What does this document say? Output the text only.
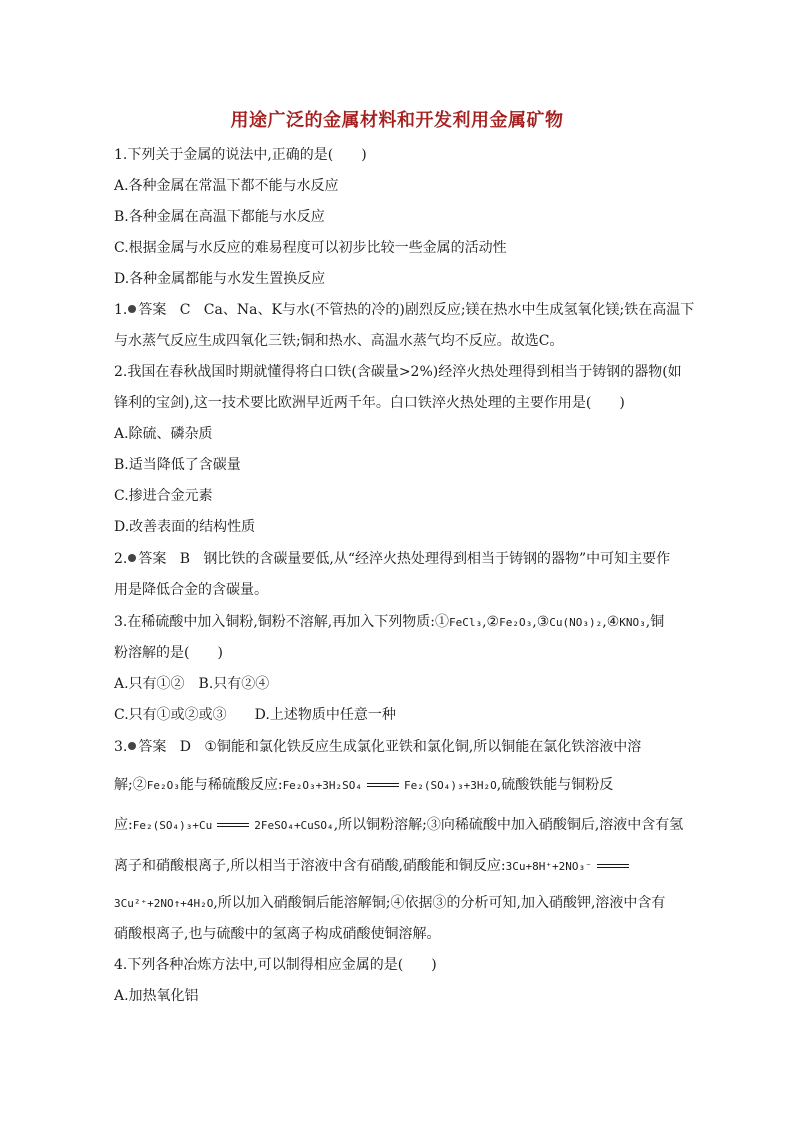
用途广泛的金属材料和开发利用金属矿物
1.下列关于金属的说法中,正确的是(　　)
A.各种金属在常温下都不能与水反应
B.各种金属在高温下都能与水反应
C.根据金属与水反应的难易程度可以初步比较一些金属的活动性
D.各种金属都能与水发生置换反应
1. 答案 C Ca、Na、K与水(不管热的冷的)剧烈反应;镁在热水中生成氢氧化镁;铁在高温下
与水蒸气反应生成四氧化三铁;铜和热水、高温水蒸气均不反应。故选C。
2.我国在春秋战国时期就懂得将白口铁(含碳量>2%)经淬火热处理得到相当于铸钢的器物(如
锋利的宝剑),这一技术要比欧洲早近两千年。白口铁淬火热处理的主要作用是(　　)
A.除硫、磷杂质
B.适当降低了含碳量
C.掺进合金元素
D.改善表面的结构性质
2. 答案 B 钢比铁的含碳量要低,从“经淬火热处理得到相当于铸钢的器物”中可知主要作
用是降低合金的含碳量。
3.在稀硫酸中加入铜粉,铜粉不溶解,再加入下列物质:①FeCl₃,②Fe₂O₃,③Cu(NO₃)₂,④KNO₃,铜
粉溶解的是(　　)
A.只有①②　B.只有②④
C.只有①或②或③　　D.上述物质中任意一种
3. 答案 D ①铜能和氯化铁反应生成氯化亚铁和氯化铜,所以铜能在氯化铁溶液中溶
解;②Fe₂O₃能与稀硫酸反应:Fe₂O₃+3H₂SO₄	Fe₂(SO₄)₃+3H₂O,硫酸铁能与铜粉反
应:Fe₂(SO₄)₃+Cu	2FeSO₄+CuSO₄,所以铜粉溶解;③向稀硫酸中加入硝酸铜后,溶液中含有氢
离子和硝酸根离子,所以相当于溶液中含有硝酸,硝酸能和铜反应:3Cu+8H⁺+2NO₃⁻
3Cu²⁺+2NO↑+4H₂O,所以加入硝酸铜后能溶解铜;④依据③的分析可知,加入硝酸钾,溶液中含有
硝酸根离子,也与硫酸中的氢离子构成硝酸使铜溶解。
4.下列各种冶炼方法中,可以制得相应金属的是(　　)
A.加热氧化铝
